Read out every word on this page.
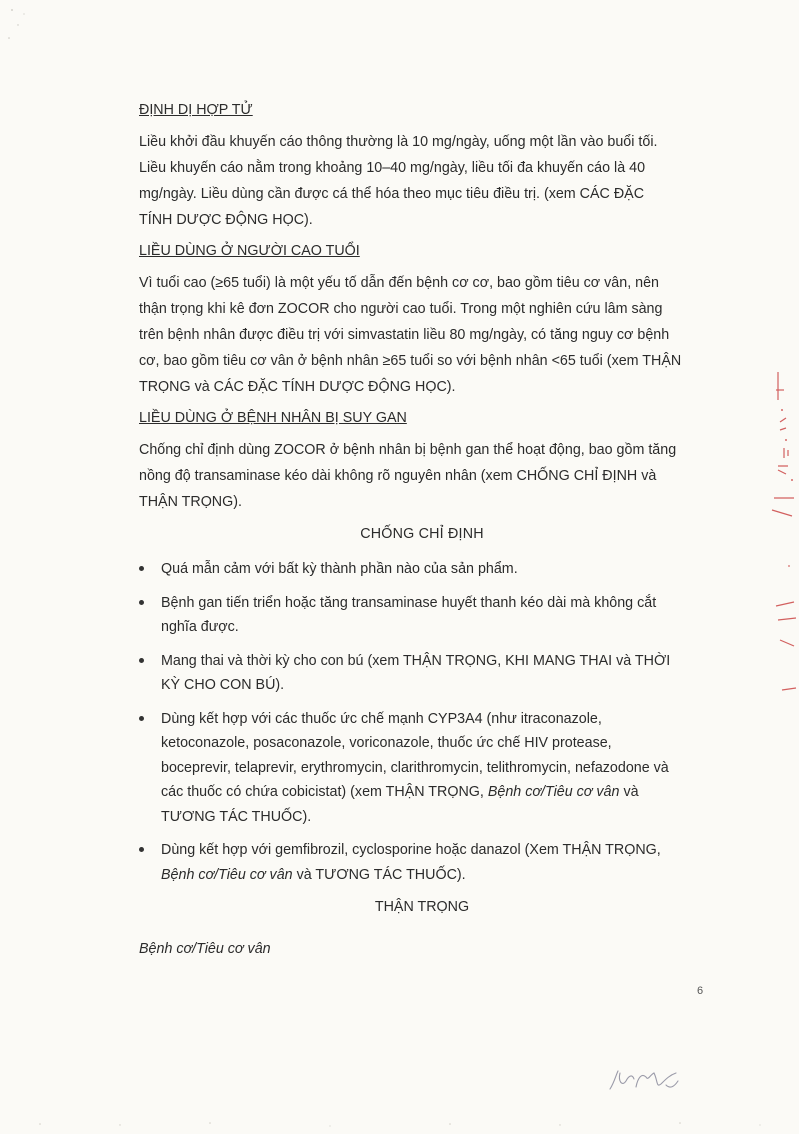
ĐỊNH DỊ HỢP TỬ

Liều khởi đầu khuyến cáo thông thường là 10 mg/ngày, uống một lần vào buổi tối.
Liều khuyến cáo nằm trong khoảng 10–40 mg/ngày, liều tối đa khuyến cáo là 40
mg/ngày. Liều dùng cần được cá thể hóa theo mục tiêu điều trị. (xem CÁC ĐẶC
TÍNH DƯỢC ĐỘNG HỌC).

LIỀU DÙNG Ở NGƯỜI CAO TUỔI

Vì tuổi cao (≥65 tuổi) là một yếu tố dẫn đến bệnh cơ cơ, bao gồm tiêu cơ vân, nên
thận trọng khi kê đơn ZOCOR cho người cao tuổi. Trong một nghiên cứu lâm sàng
trên bệnh nhân được điều trị với simvastatin liều 80 mg/ngày, có tăng nguy cơ bệnh
cơ, bao gồm tiêu cơ vân ở bệnh nhân ≥65 tuổi so với bệnh nhân <65 tuổi (xem THẬN
TRỌNG và CÁC ĐẶC TÍNH DƯỢC ĐỘNG HỌC).

LIỀU DÙNG Ở BỆNH NHÂN BỊ SUY GAN

Chống chỉ định dùng ZOCOR ở bệnh nhân bị bệnh gan thể hoạt động, bao gồm tăng
nồng độ transaminase kéo dài không rõ nguyên nhân (xem CHỐNG CHỈ ĐỊNH và
THẬN TRỌNG).

CHỐNG CHỈ ĐỊNH

Quá mẫn cảm với bất kỳ thành phần nào của sản phẩm.
Bệnh gan tiến triển hoặc tăng transaminase huyết thanh kéo dài mà không cắt
nghĩa được.
Mang thai và thời kỳ cho con bú (xem THẬN TRỌNG, KHI MANG THAI và THỜI
KỲ CHO CON BÚ).
Dùng kết hợp với các thuốc ức chế mạnh CYP3A4 (như itraconazole,
ketoconazole, posaconazole, voriconazole, thuốc ức chế HIV protease,
boceprevir, telaprevir, erythromycin, clarithromycin, telithromycin, nefazodone và
các thuốc có chứa cobicistat) (xem THẬN TRỌNG, Bệnh cơ/Tiêu cơ vân và
TƯƠNG TÁC THUỐC).
Dùng kết hợp với gemfibrozil, cyclosporine hoặc danazol (Xem THẬN TRỌNG,
Bệnh cơ/Tiêu cơ vân và TƯƠNG TÁC THUỐC).

THẬN TRỌNG

Bệnh cơ/Tiêu cơ vân

6
